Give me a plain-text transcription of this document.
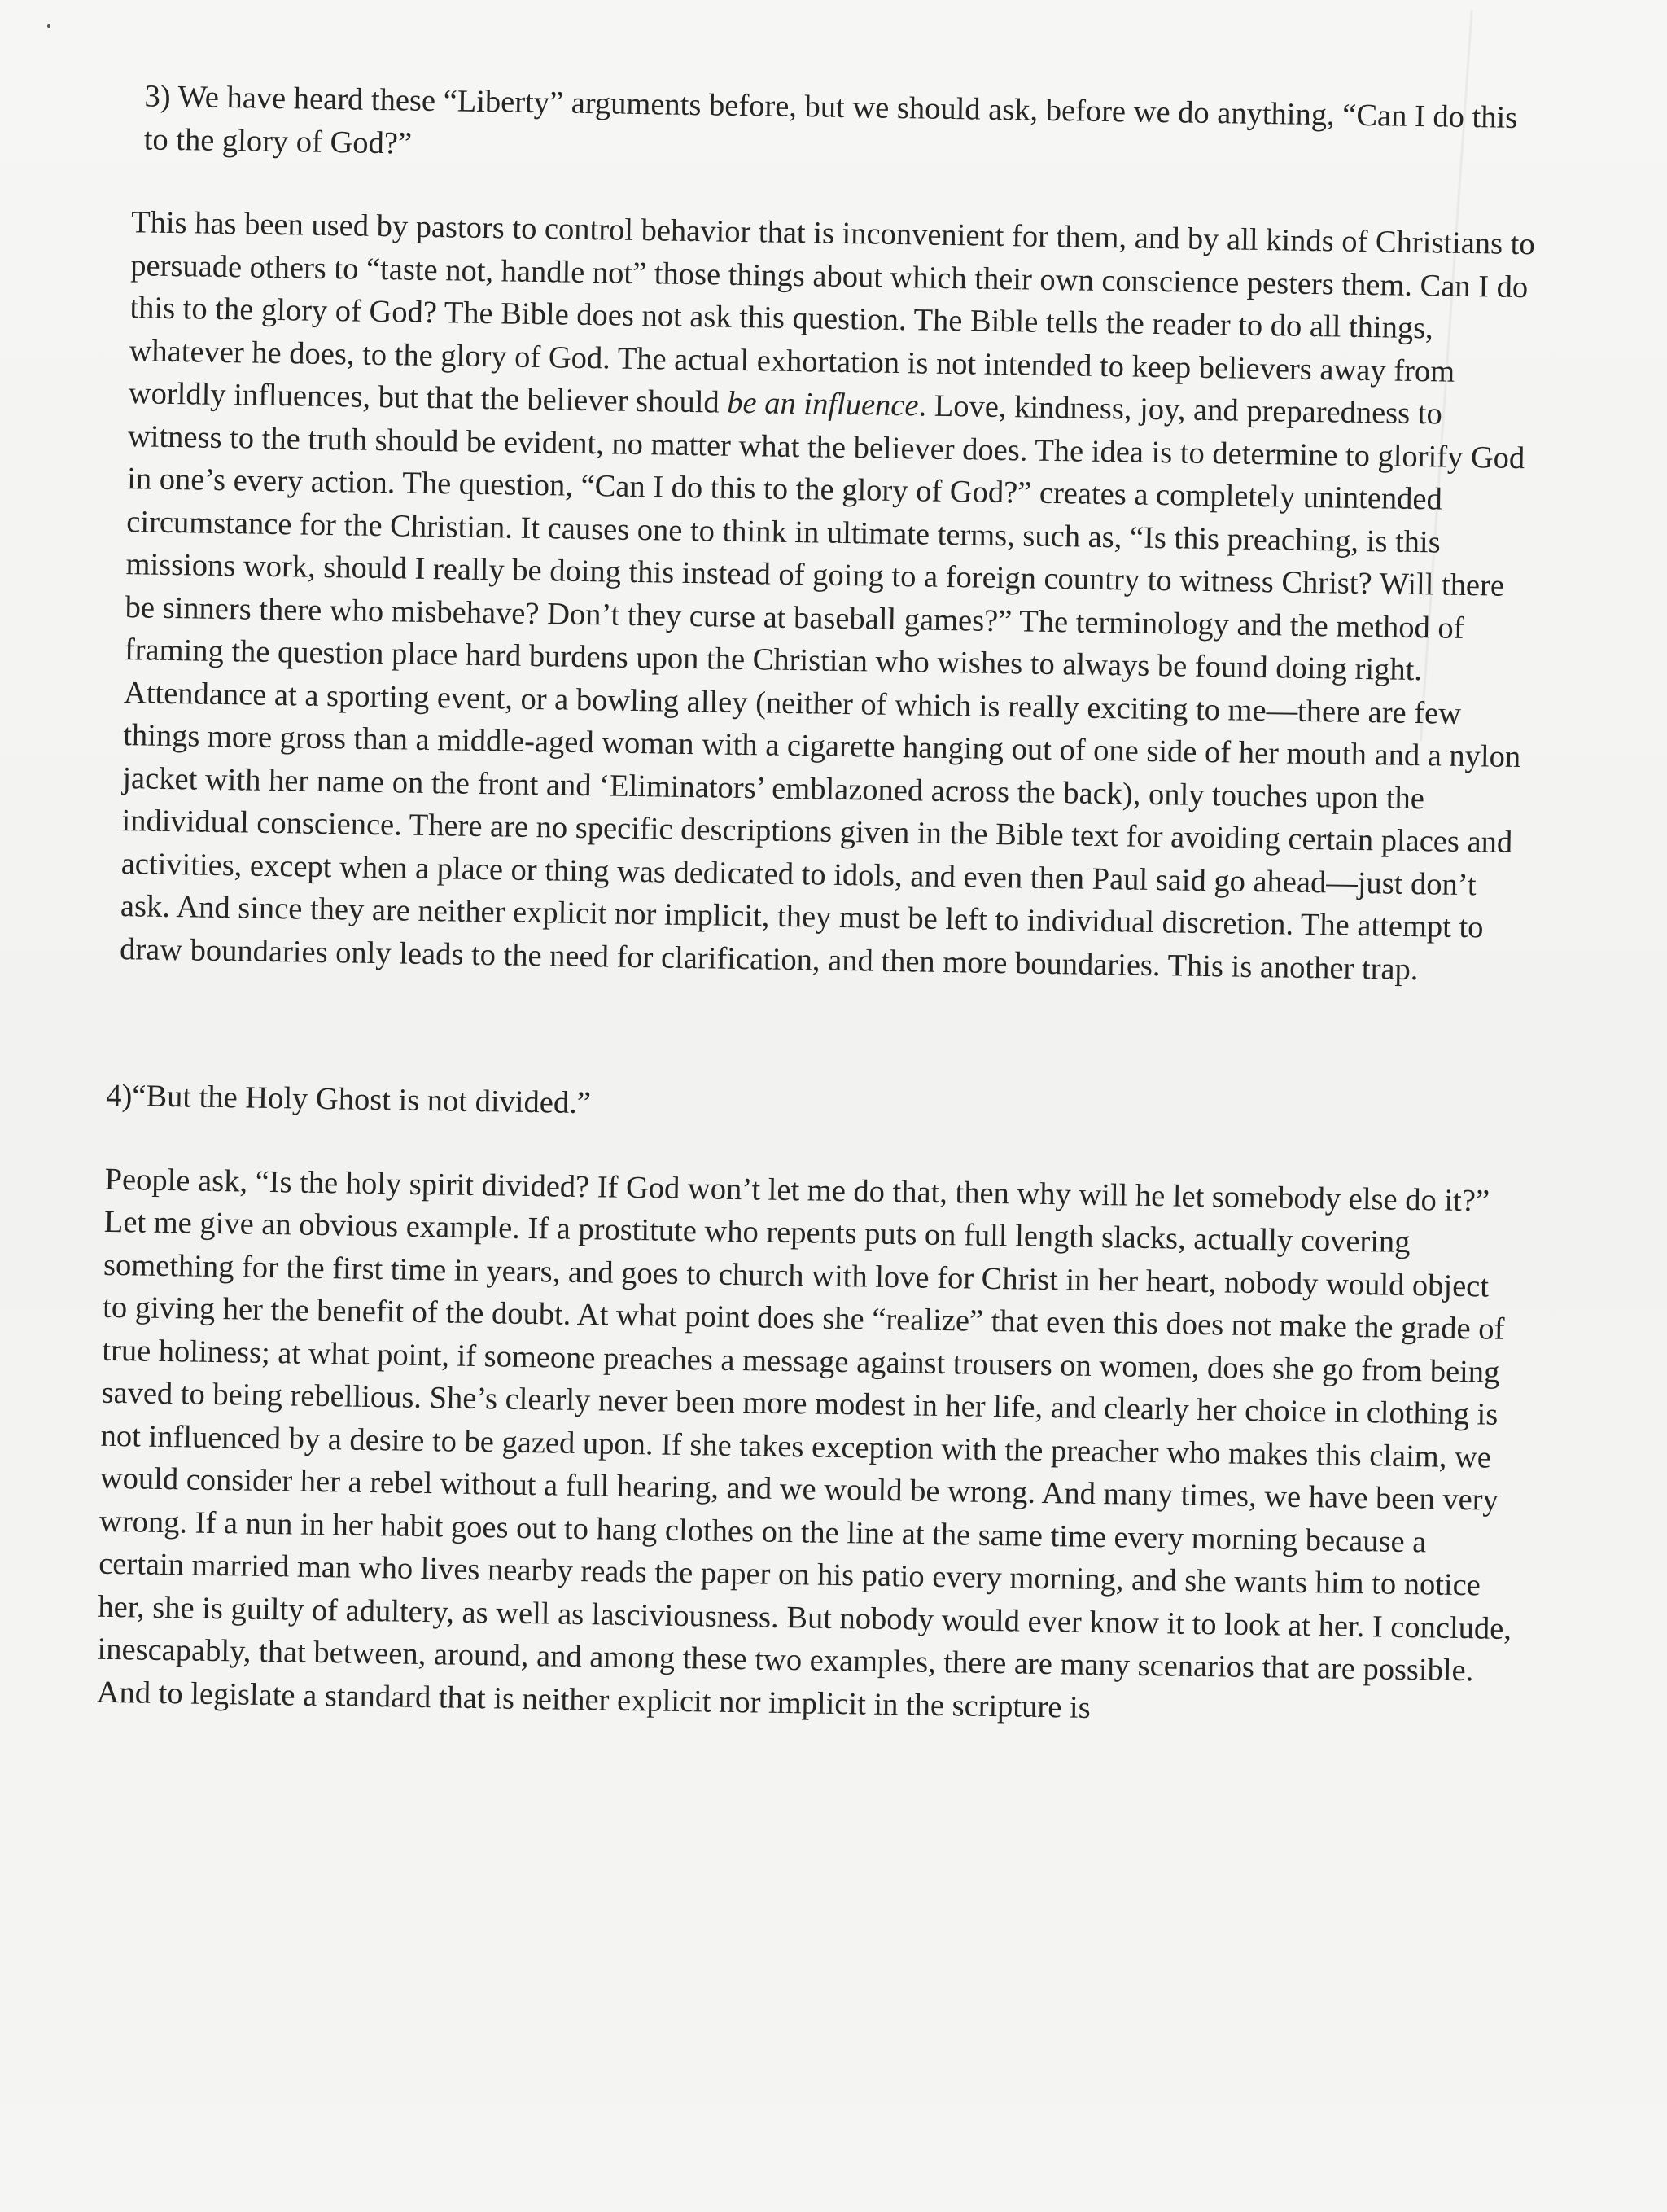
3) We have heard these “Liberty” arguments before, but we should ask, before we do anything, “Can I do this to the glory of God?”

This has been used by pastors to control behavior that is inconvenient for them, and by all kinds of Christians to persuade others to “taste not, handle not” those things about which their own conscience pesters them. Can I do this to the glory of God? The Bible does not ask this question. The Bible tells the reader to do all things, whatever he does, to the glory of God. The actual exhortation is not intended to keep believers away from worldly influences, but that the believer should be an influence. Love, kindness, joy, and preparedness to witness to the truth should be evident, no matter what the believer does. The idea is to determine to glorify God in one’s every action. The question, “Can I do this to the glory of God?” creates a completely unintended circumstance for the Christian. It causes one to think in ultimate terms, such as, “Is this preaching, is this missions work, should I really be doing this instead of going to a foreign country to witness Christ? Will there be sinners there who misbehave? Don’t they curse at baseball games?” The terminology and the method of framing the question place hard burdens upon the Christian who wishes to always be found doing right. Attendance at a sporting event, or a bowling alley (neither of which is really exciting to me—there are few things more gross than a middle-aged woman with a cigarette hanging out of one side of her mouth and a nylon jacket with her name on the front and ‘Eliminators’ emblazoned across the back), only touches upon the individual conscience. There are no specific descriptions given in the Bible text for avoiding certain places and activities, except when a place or thing was dedicated to idols, and even then Paul said go ahead—just don’t ask. And since they are neither explicit nor implicit, they must be left to individual discretion. The attempt to draw boundaries only leads to the need for clarification, and then more boundaries. This is another trap.

4)“But the Holy Ghost is not divided.”

People ask, “Is the holy spirit divided? If God won’t let me do that, then why will he let somebody else do it?” Let me give an obvious example. If a prostitute who repents puts on full length slacks, actually covering something for the first time in years, and goes to church with love for Christ in her heart, nobody would object to giving her the benefit of the doubt. At what point does she “realize” that even this does not make the grade of true holiness; at what point, if someone preaches a message against trousers on women, does she go from being saved to being rebellious. She’s clearly never been more modest in her life, and clearly her choice in clothing is not influenced by a desire to be gazed upon. If she takes exception with the preacher who makes this claim, we would consider her a rebel without a full hearing, and we would be wrong. And many times, we have been very wrong. If a nun in her habit goes out to hang clothes on the line at the same time every morning because a certain married man who lives nearby reads the paper on his patio every morning, and she wants him to notice her, she is guilty of adultery, as well as lasciviousness. But nobody would ever know it to look at her. I conclude, inescapably, that between, around, and among these two examples, there are many scenarios that are possible. And to legislate a standard that is neither explicit nor implicit in the scripture is
